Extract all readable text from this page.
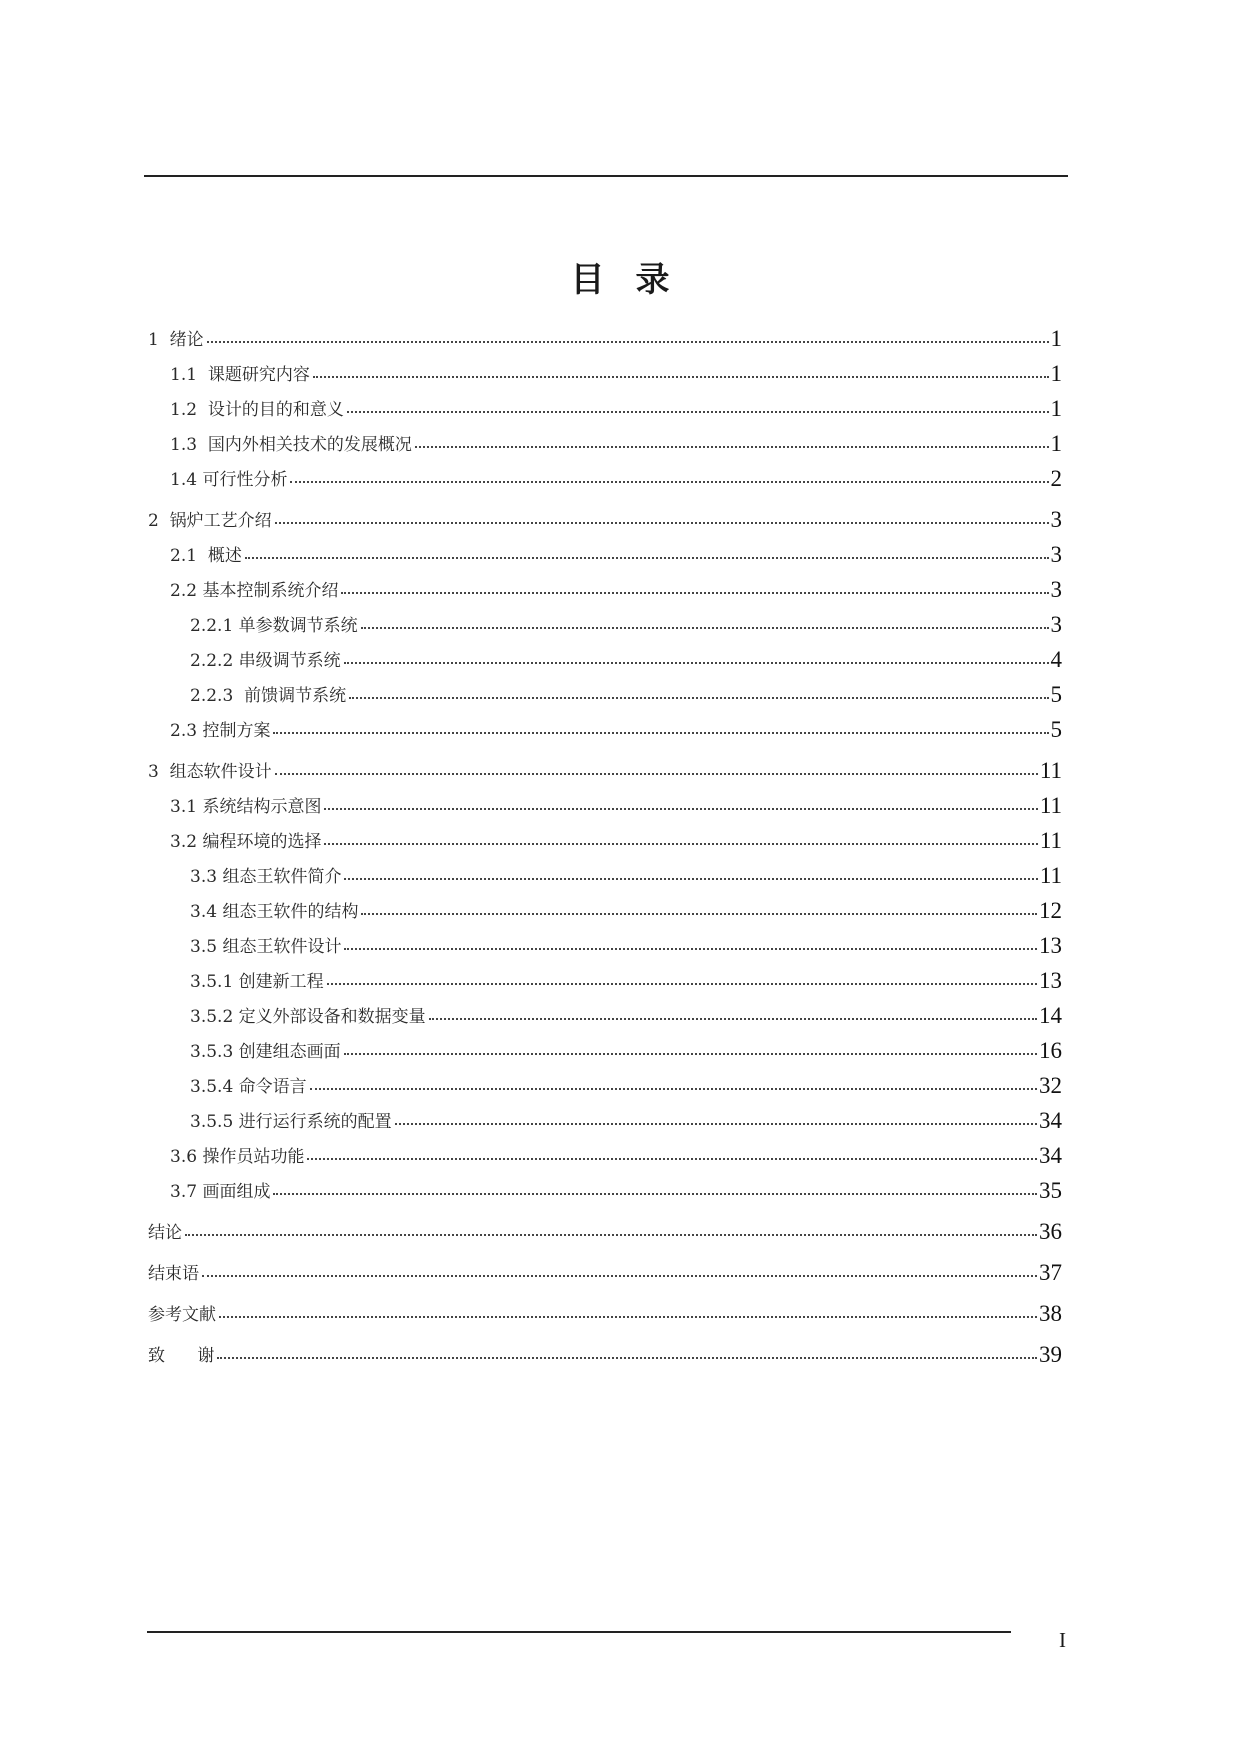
目 录
1  绪论	1
1.1  课题研究内容	1
1.2  设计的目的和意义	1
1.3  国内外相关技术的发展概况	1
1.4 可行性分析	2
2  锅炉工艺介绍	3
2.1  概述	3
2.2 基本控制系统介绍	3
2.2.1 单参数调节系统	3
2.2.2 串级调节系统	4
2.2.3  前馈调节系统	5
2.3 控制方案	5
3  组态软件设计	11
3.1 系统结构示意图	11
3.2 编程环境的选择	11
3.3 组态王软件简介	11
3.4 组态王软件的结构	12
3.5 组态王软件设计	13
3.5.1 创建新工程	13
3.5.2 定义外部设备和数据变量	14
3.5.3 创建组态画面	16
3.5.4 命令语言	32
3.5.5 进行运行系统的配置	34
3.6 操作员站功能	34
3.7 画面组成	35
结论	36
结束语	37
参考文献	38
致      谢	39
I
